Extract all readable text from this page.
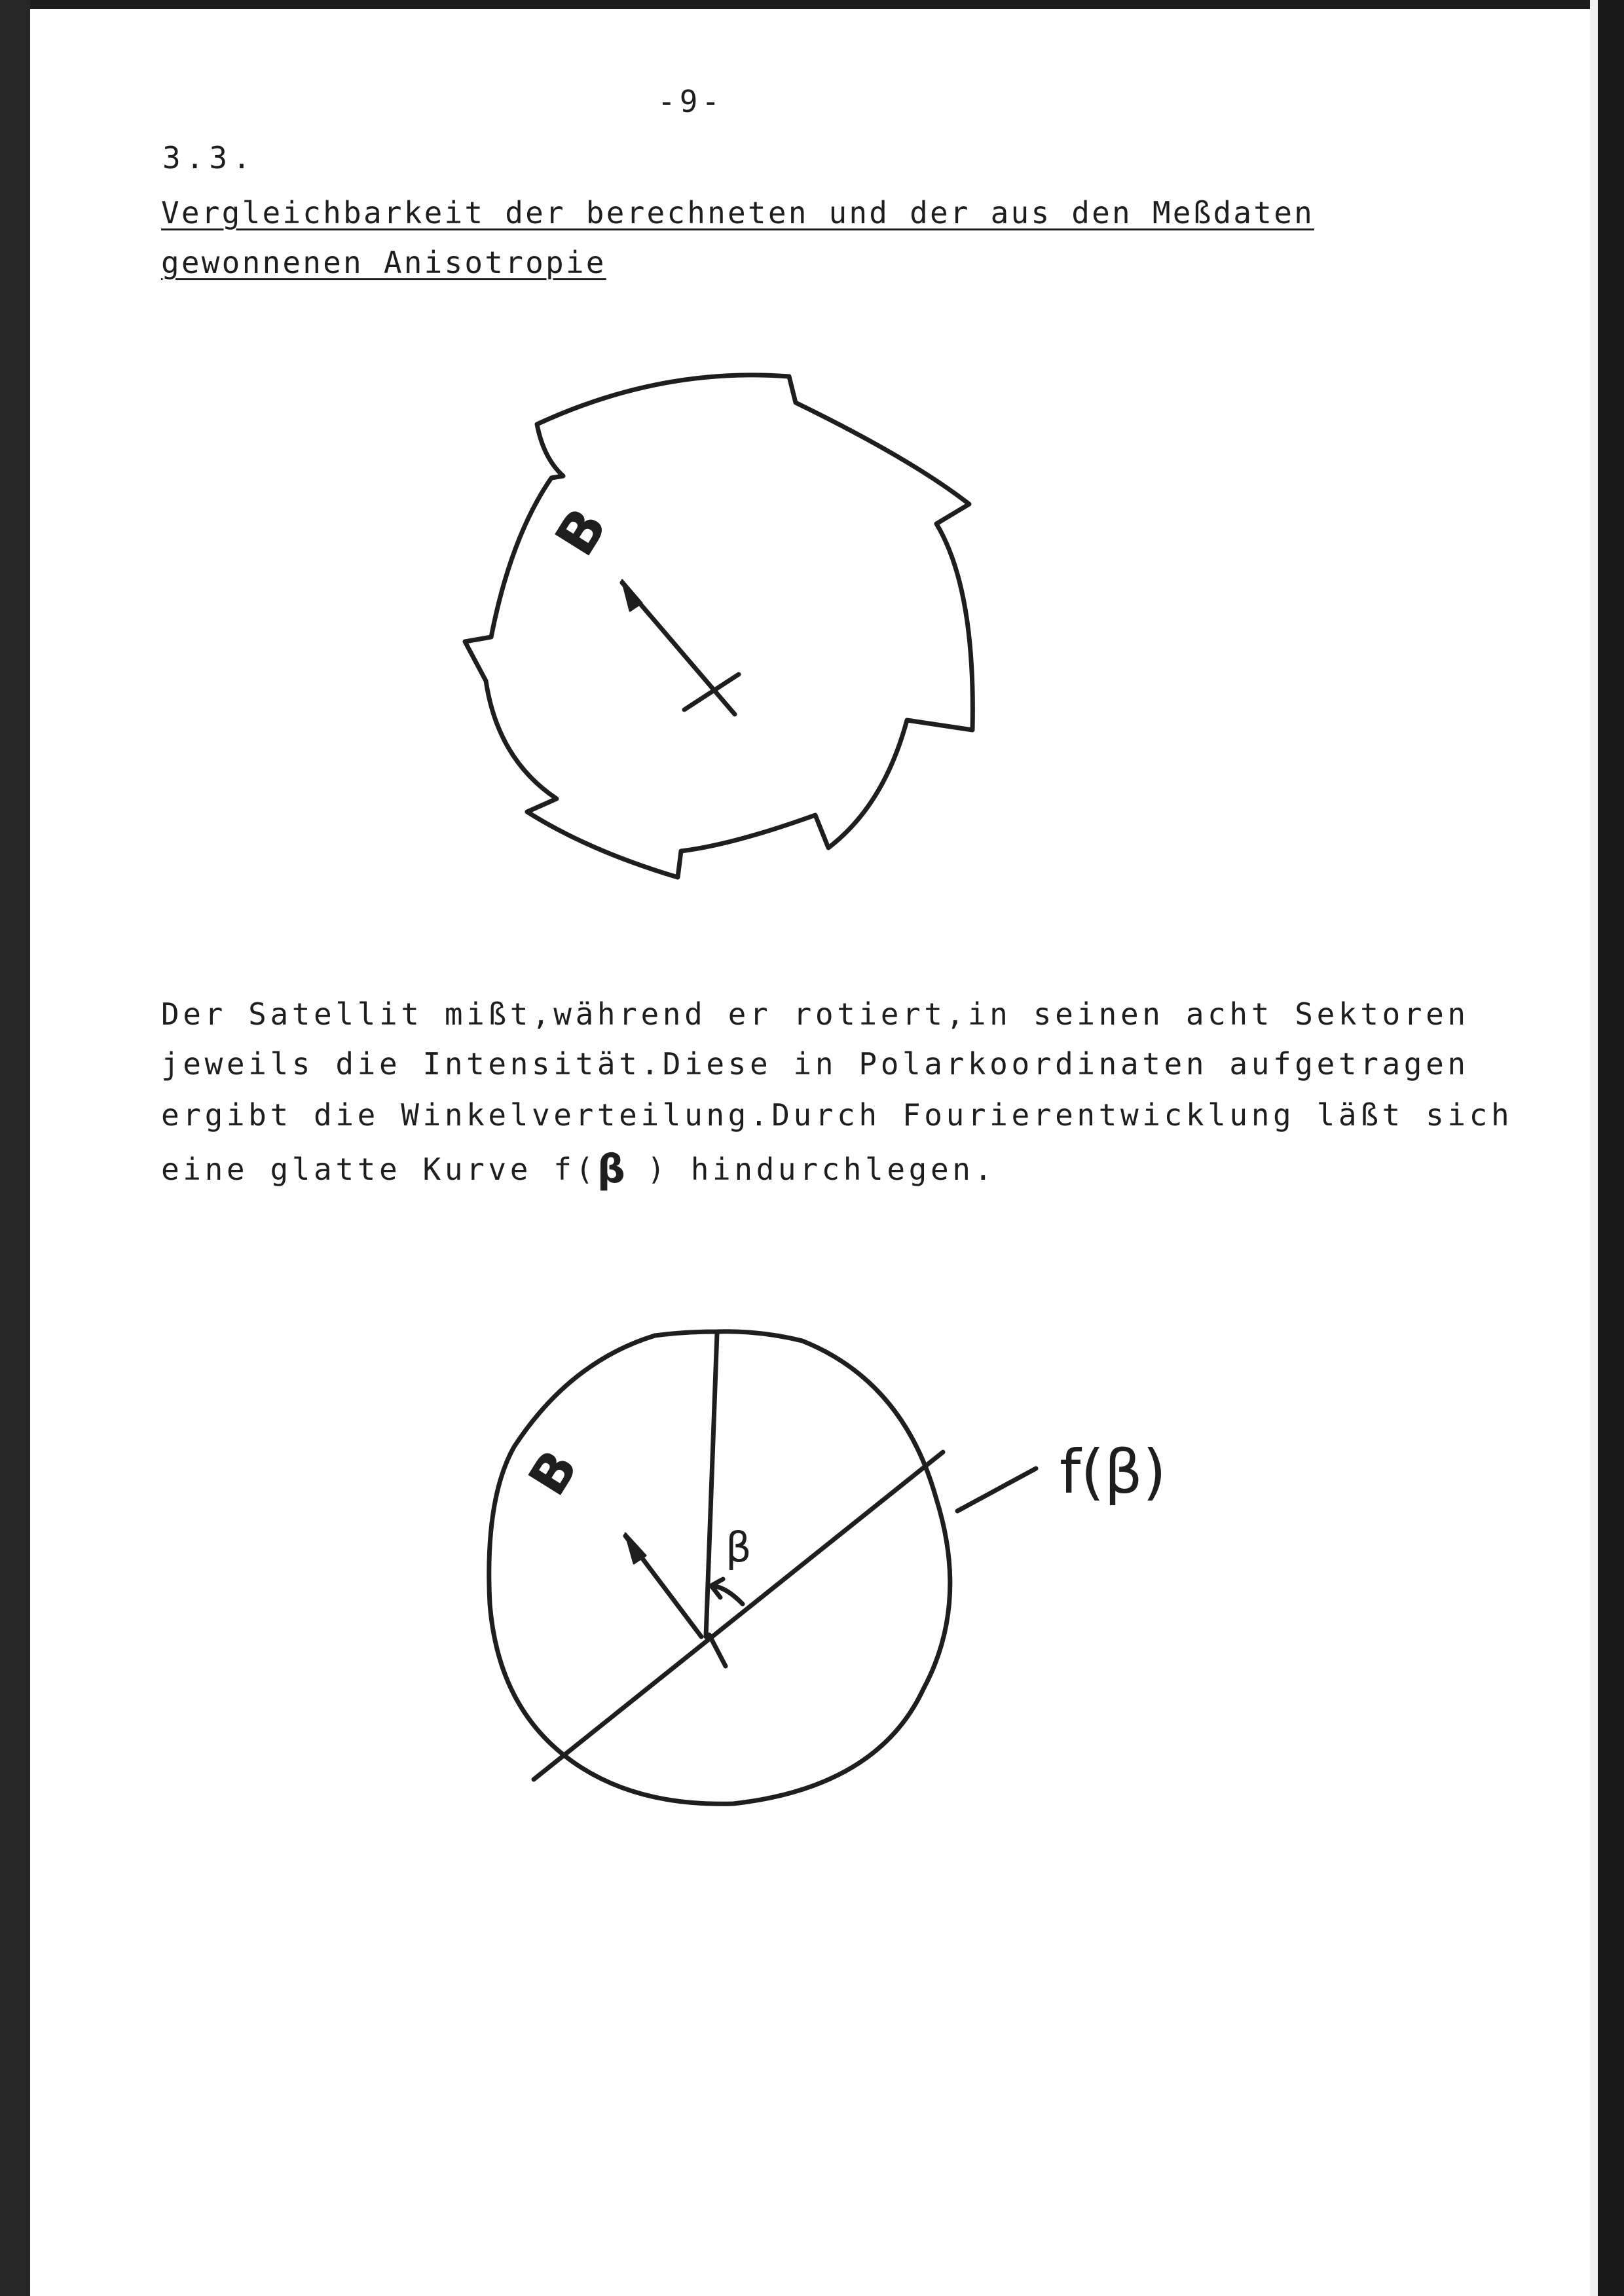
-9-
3.3.
Vergleichbarkeit der berechneten und der aus den Meßdaten
gewonnenen Anisotropie
B
B
β
f(β)
Der Satellit mißt,während er rotiert,in seinen acht Sektoren
jeweils die Intensität.Diese in Polarkoordinaten aufgetragen
ergibt die Winkelverteilung.Durch Fourierentwicklung läßt sich
eine glatte Kurve f(β ) hindurchlegen.
